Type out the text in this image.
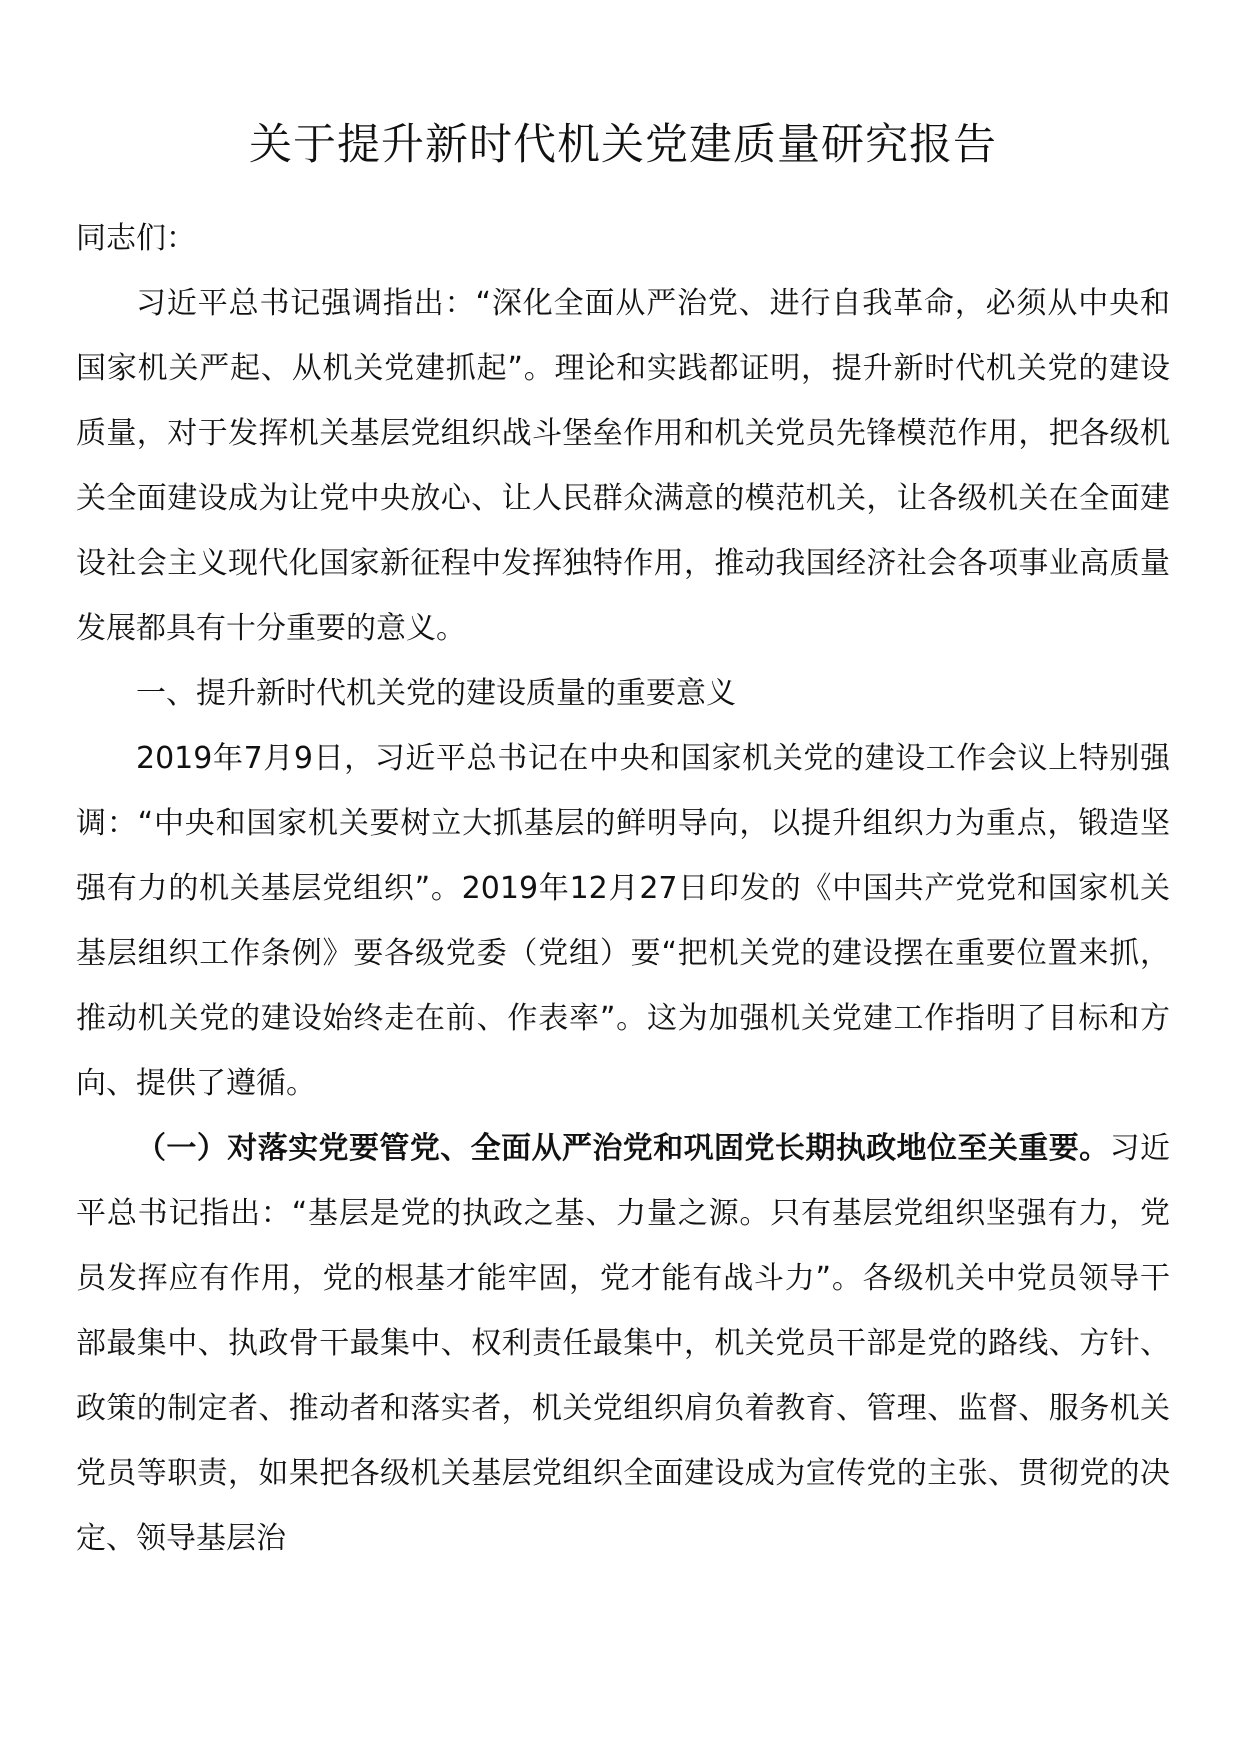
关于提升新时代机关党建质量研究报告

同志们：

习近平总书记强调指出：“深化全面从严治党、进行自我革命，必须从中央和国家机关严起、从机关党建抓起”。理论和实践都证明，提升新时代机关党的建设质量，对于发挥机关基层党组织战斗堡垒作用和机关党员先锋模范作用，把各级机关全面建设成为让党中央放心、让人民群众满意的模范机关，让各级机关在全面建设社会主义现代化国家新征程中发挥独特作用，推动我国经济社会各项事业高质量发展都具有十分重要的意义。

一、提升新时代机关党的建设质量的重要意义

2019年7月9日，习近平总书记在中央和国家机关党的建设工作会议上特别强调：“中央和国家机关要树立大抓基层的鲜明导向，以提升组织力为重点，锻造坚强有力的机关基层党组织”。2019年12月27日印发的《中国共产党党和国家机关基层组织工作条例》要各级党委（党组）要“把机关党的建设摆在重要位置来抓，推动机关党的建设始终走在前、作表率”。这为加强机关党建工作指明了目标和方向、提供了遵循。

（一）对落实党要管党、全面从严治党和巩固党长期执政地位至关重要。习近平总书记指出：“基层是党的执政之基、力量之源。只有基层党组织坚强有力，党员发挥应有作用，党的根基才能牢固，党才能有战斗力”。各级机关中党员领导干部最集中、执政骨干最集中、权利责任最集中，机关党员干部是党的路线、方针、政策的制定者、推动者和落实者，机关党组织肩负着教育、管理、监督、服务机关党员等职责，如果把各级机关基层党组织全面建设成为宣传党的主张、贯彻党的决定、领导基层治
